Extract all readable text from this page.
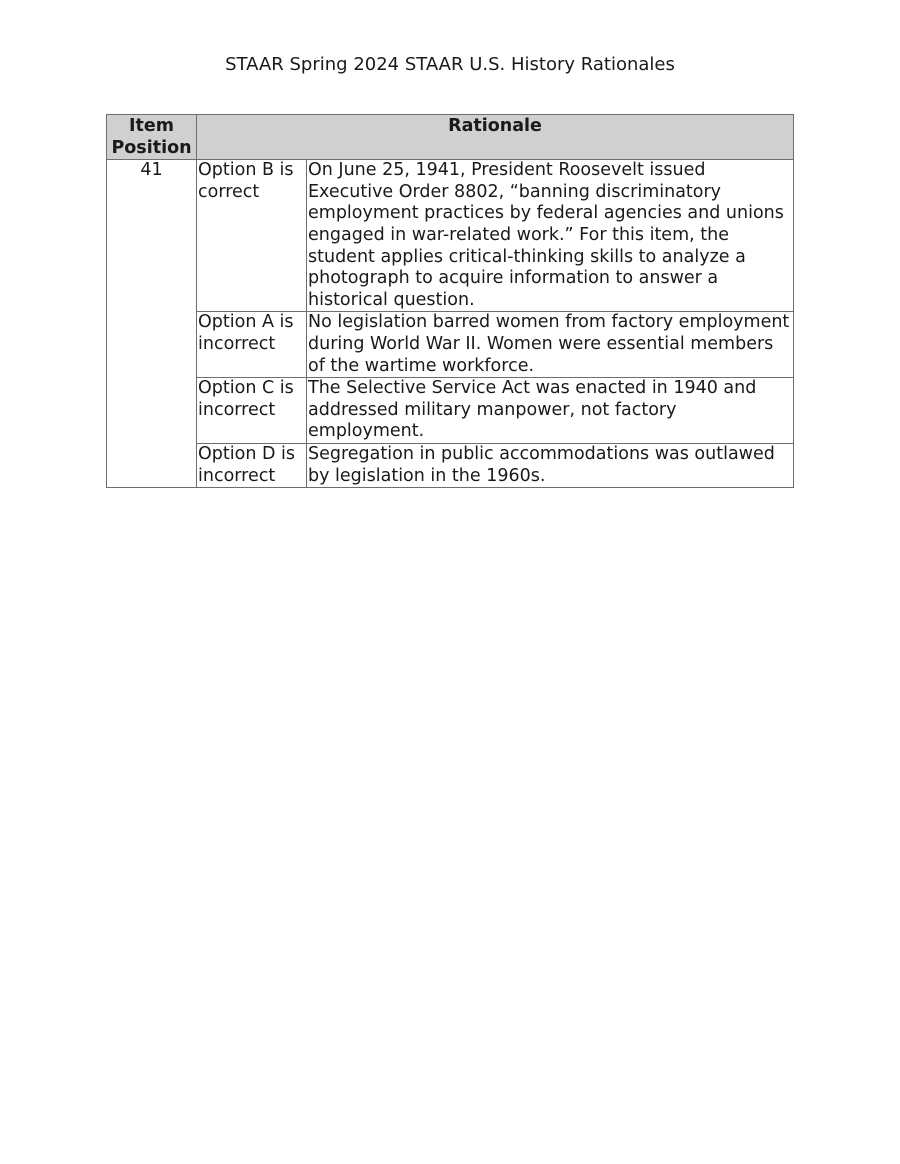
STAAR Spring 2024 STAAR U.S. History Rationales
Item
Position	Rationale	
41	Option B is correct	On June 25, 1941, President Roosevelt issued Executive Order 8802, “banning discriminatory employment practices by federal agencies and unions engaged in war-related work.” For this item, the student applies critical-thinking skills to analyze a photograph to acquire information to answer a historical question.
	Option A is incorrect	No legislation barred women from factory employment during World War II. Women were essential members of the wartime workforce.
	Option C is incorrect	The Selective Service Act was enacted in 1940 and addressed military manpower, not factory employment.
	Option D is incorrect	Segregation in public accommodations was outlawed by legislation in the 1960s.
